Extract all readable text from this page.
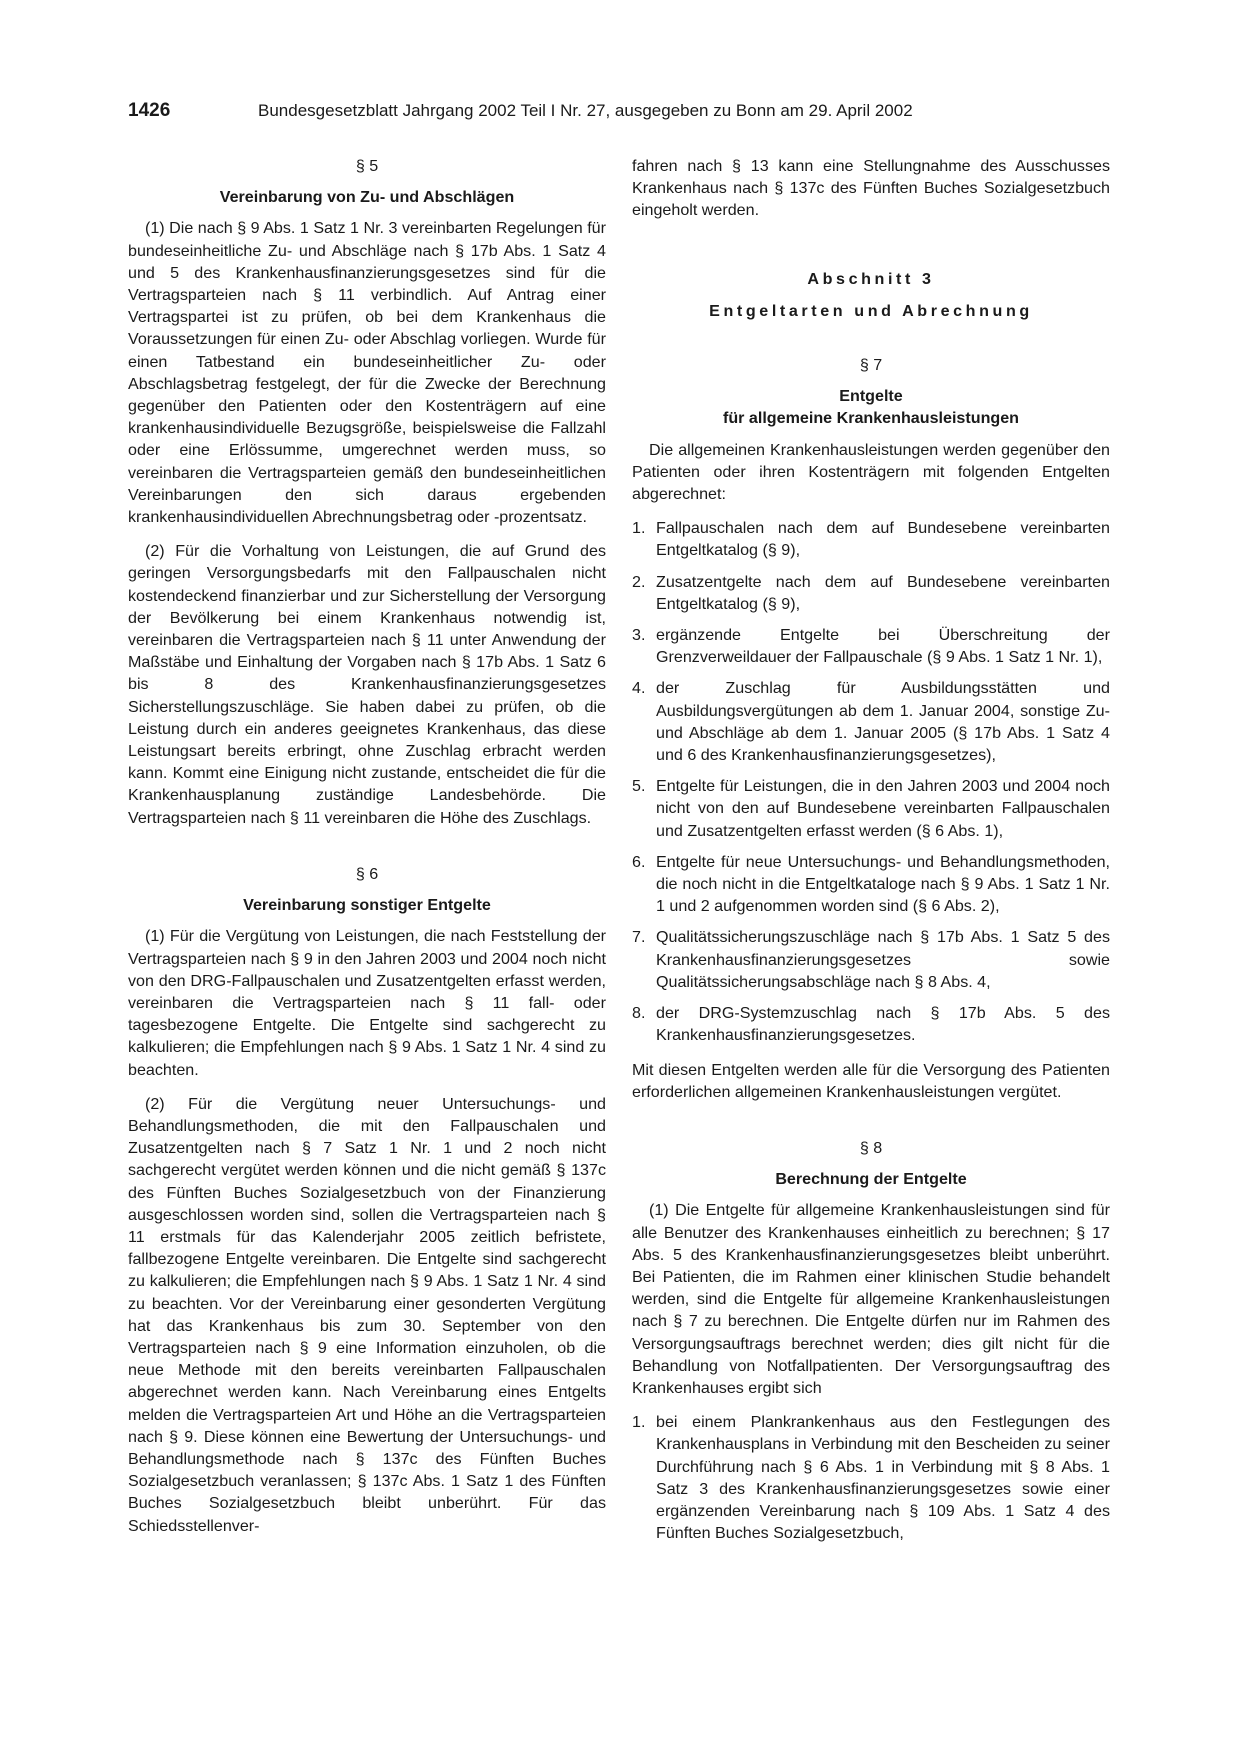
1426	Bundesgesetzblatt Jahrgang 2002 Teil I Nr. 27, ausgegeben zu Bonn am 29. April 2002
§ 5
Vereinbarung von Zu- und Abschlägen

(1) Die nach § 9 Abs. 1 Satz 1 Nr. 3 vereinbarten Regelungen für bundeseinheitliche Zu- und Abschläge nach § 17b Abs. 1 Satz 4 und 5 des Krankenhausfinanzierungsgesetzes sind für die Vertragsparteien nach § 11 verbindlich. Auf Antrag einer Vertragspartei ist zu prüfen, ob bei dem Krankenhaus die Voraussetzungen für einen Zu- oder Abschlag vorliegen. Wurde für einen Tatbestand ein bundeseinheitlicher Zu- oder Abschlagsbetrag festgelegt, der für die Zwecke der Berechnung gegenüber den Patienten oder den Kostenträgern auf eine krankenhausindividuelle Bezugsgröße, beispielsweise die Fallzahl oder eine Erlössumme, umgerechnet werden muss, so vereinbaren die Vertragsparteien gemäß den bundeseinheitlichen Vereinbarungen den sich daraus ergebenden krankenhausindividuellen Abrechnungsbetrag oder -prozentsatz.

(2) Für die Vorhaltung von Leistungen, die auf Grund des geringen Versorgungsbedarfs mit den Fallpauschalen nicht kostendeckend finanzierbar und zur Sicherstellung der Versorgung der Bevölkerung bei einem Krankenhaus notwendig ist, vereinbaren die Vertragsparteien nach § 11 unter Anwendung der Maßstäbe und Einhaltung der Vorgaben nach § 17b Abs. 1 Satz 6 bis 8 des Krankenhausfinanzierungsgesetzes Sicherstellungszuschläge. Sie haben dabei zu prüfen, ob die Leistung durch ein anderes geeignetes Krankenhaus, das diese Leistungsart bereits erbringt, ohne Zuschlag erbracht werden kann. Kommt eine Einigung nicht zustande, entscheidet die für die Krankenhausplanung zuständige Landesbehörde. Die Vertragsparteien nach § 11 vereinbaren die Höhe des Zuschlags.

§ 6
Vereinbarung sonstiger Entgelte

(1) Für die Vergütung von Leistungen, die nach Feststellung der Vertragsparteien nach § 9 in den Jahren 2003 und 2004 noch nicht von den DRG-Fallpauschalen und Zusatzentgelten erfasst werden, vereinbaren die Vertragsparteien nach § 11 fall- oder tagesbezogene Entgelte. Die Entgelte sind sachgerecht zu kalkulieren; die Empfehlungen nach § 9 Abs. 1 Satz 1 Nr. 4 sind zu beachten.

(2) Für die Vergütung neuer Untersuchungs- und Behandlungsmethoden, die mit den Fallpauschalen und Zusatzentgelten nach § 7 Satz 1 Nr. 1 und 2 noch nicht sachgerecht vergütet werden können und die nicht gemäß § 137c des Fünften Buches Sozialgesetzbuch von der Finanzierung ausgeschlossen worden sind, sollen die Vertragsparteien nach § 11 erstmals für das Kalenderjahr 2005 zeitlich befristete, fallbezogene Entgelte vereinbaren. Die Entgelte sind sachgerecht zu kalkulieren; die Empfehlungen nach § 9 Abs. 1 Satz 1 Nr. 4 sind zu beachten. Vor der Vereinbarung einer gesonderten Vergütung hat das Krankenhaus bis zum 30. September von den Vertragsparteien nach § 9 eine Information einzuholen, ob die neue Methode mit den bereits vereinbarten Fallpauschalen abgerechnet werden kann. Nach Vereinbarung eines Entgelts melden die Vertragsparteien Art und Höhe an die Vertragsparteien nach § 9. Diese können eine Bewertung der Untersuchungs- und Behandlungsmethode nach § 137c des Fünften Buches Sozialgesetzbuch veranlassen; § 137c Abs. 1 Satz 1 des Fünften Buches Sozialgesetzbuch bleibt unberührt. Für das Schiedsstellenver-

fahren nach § 13 kann eine Stellungnahme des Ausschusses Krankenhaus nach § 137c des Fünften Buches Sozialgesetzbuch eingeholt werden.

Abschnitt 3
Entgeltarten und Abrechnung
§ 7
Entgelte
für allgemeine Krankenhausleistungen

Die allgemeinen Krankenhausleistungen werden gegenüber den Patienten oder ihren Kostenträgern mit folgenden Entgelten abgerechnet:

1. Fallpauschalen nach dem auf Bundesebene vereinbarten Entgeltkatalog (§ 9),
2. Zusatzentgelte nach dem auf Bundesebene vereinbarten Entgeltkatalog (§ 9),
3. ergänzende Entgelte bei Überschreitung der Grenzverweildauer der Fallpauschale (§ 9 Abs. 1 Satz 1 Nr. 1),
4. der Zuschlag für Ausbildungsstätten und Ausbildungsvergütungen ab dem 1. Januar 2004, sonstige Zu- und Abschläge ab dem 1. Januar 2005 (§ 17b Abs. 1 Satz 4 und 6 des Krankenhausfinanzierungsgesetzes),
5. Entgelte für Leistungen, die in den Jahren 2003 und 2004 noch nicht von den auf Bundesebene vereinbarten Fallpauschalen und Zusatzentgelten erfasst werden (§ 6 Abs. 1),
6. Entgelte für neue Untersuchungs- und Behandlungsmethoden, die noch nicht in die Entgeltkataloge nach § 9 Abs. 1 Satz 1 Nr. 1 und 2 aufgenommen worden sind (§ 6 Abs. 2),
7. Qualitätssicherungszuschläge nach § 17b Abs. 1 Satz 5 des Krankenhausfinanzierungsgesetzes sowie Qualitätssicherungsabschläge nach § 8 Abs. 4,
8. der DRG-Systemzuschlag nach § 17b Abs. 5 des Krankenhausfinanzierungsgesetzes.

Mit diesen Entgelten werden alle für die Versorgung des Patienten erforderlichen allgemeinen Krankenhausleistungen vergütet.

§ 8
Berechnung der Entgelte

(1) Die Entgelte für allgemeine Krankenhausleistungen sind für alle Benutzer des Krankenhauses einheitlich zu berechnen; § 17 Abs. 5 des Krankenhausfinanzierungsgesetzes bleibt unberührt. Bei Patienten, die im Rahmen einer klinischen Studie behandelt werden, sind die Entgelte für allgemeine Krankenhausleistungen nach § 7 zu berechnen. Die Entgelte dürfen nur im Rahmen des Versorgungsauftrags berechnet werden; dies gilt nicht für die Behandlung von Notfallpatienten. Der Versorgungsauftrag des Krankenhauses ergibt sich

1. bei einem Plankrankenhaus aus den Festlegungen des Krankenhausplans in Verbindung mit den Bescheiden zu seiner Durchführung nach § 6 Abs. 1 in Verbindung mit § 8 Abs. 1 Satz 3 des Krankenhausfinanzierungsgesetzes sowie einer ergänzenden Vereinbarung nach § 109 Abs. 1 Satz 4 des Fünften Buches Sozialgesetzbuch,
